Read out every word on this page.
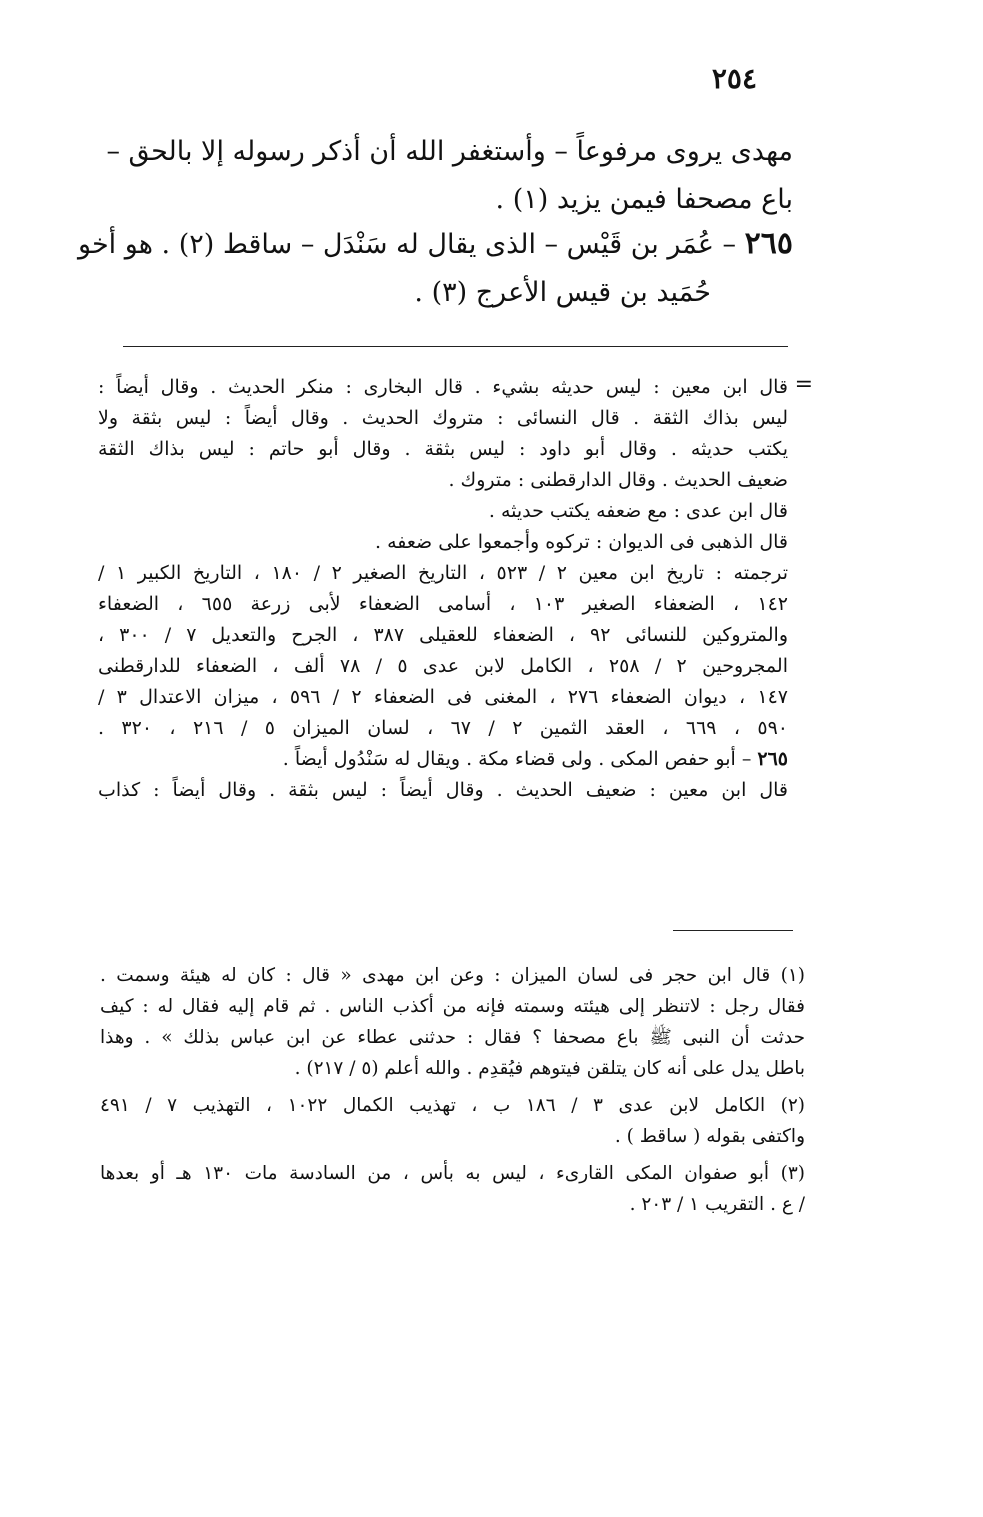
٢٥٤
مهدى يروى مرفوعاً – وأستغفر الله أن أذكر رسوله إلا بالحق –
باع مصحفا فيمن يزيد (١) .
٢٦٥ – عُمَر بن قَيْس – الذى يقال له سَنْدَل – ساقط (٢) . هو أخو
حُمَيد بن قيس الأعرج (٣) .
=
قال ابن معين : ليس حديثه بشيء . قال البخارى : منكر الحديث . وقال أيضاً :
ليس بذاك الثقة . قال النسائى : متروك الحديث . وقال أيضاً : ليس بثقة ولا
يكتب حديثه . وقال أبو داود : ليس بثقة . وقال أبو حاتم : ليس بذاك الثقة
ضعيف الحديث . وقال الدارقطنى : متروك .
قال ابن عدى : مع ضعفه يكتب حديثه .
قال الذهبى فى الديوان : تركوه وأجمعوا على ضعفه .
ترجمته : تاريخ ابن معين ٢ / ٥٢٣ ، التاريخ الصغير ٢ / ١٨٠ ، التاريخ الكبير ١ /
١٤٢ ، الضعفاء الصغير ١٠٣ ، أسامى الضعفاء لأبى زرعة ٦٥٥ ، الضعفاء
والمتروكين للنسائى ٩٢ ، الضعفاء للعقيلى ٣٨٧ ، الجرح والتعديل ٧ / ٣٠٠ ،
المجروحين ٢ / ٢٥٨ ، الكامل لابن عدى ٥ / ٧٨ ألف ، الضعفاء للدارقطنى
١٤٧ ، ديوان الضعفاء ٢٧٦ ، المغنى فى الضعفاء ٢ / ٥٩٦ ، ميزان الاعتدال ٣ /
٥٩٠ ، ٦٦٩ ، العقد الثمين ٢ / ٦٧ ، لسان الميزان ٥ / ٢١٦ ، ٣٢٠ .
٢٦٥ – أبو حفص المكى . ولى قضاء مكة . ويقال له سَنْدُول أيضاً .
قال ابن معين : ضعيف الحديث . وقال أيضاً : ليس بثقة . وقال أيضاً : كذاب
(١) قال ابن حجر فى لسان الميزان : وعن ابن مهدى « قال : كان له هيئة وسمت .
فقال رجل : لاتنظر إلى هيئته وسمته فإنه من أكذب الناس . ثم قام إليه فقال له : كيف
حدثت أن النبى ﷺ باع مصحفا ؟ فقال : حدثنى عطاء عن ابن عباس بذلك » . وهذا
باطل يدل على أنه كان يتلقن فيتوهم فيُقدِم . والله أعلم (٥ / ٢١٧) .
(٢) الكامل لابن عدى ٣ / ١٨٦ ب ، تهذيب الكمال ١٠٢٢ ، التهذيب ٧ / ٤٩١
واكتفى بقوله ( ساقط ) .
(٣) أبو صفوان المكى القارىء ، ليس به بأس ، من السادسة مات ١٣٠ هـ أو بعدها
/ ع . التقريب ١ / ٢٠٣ .
